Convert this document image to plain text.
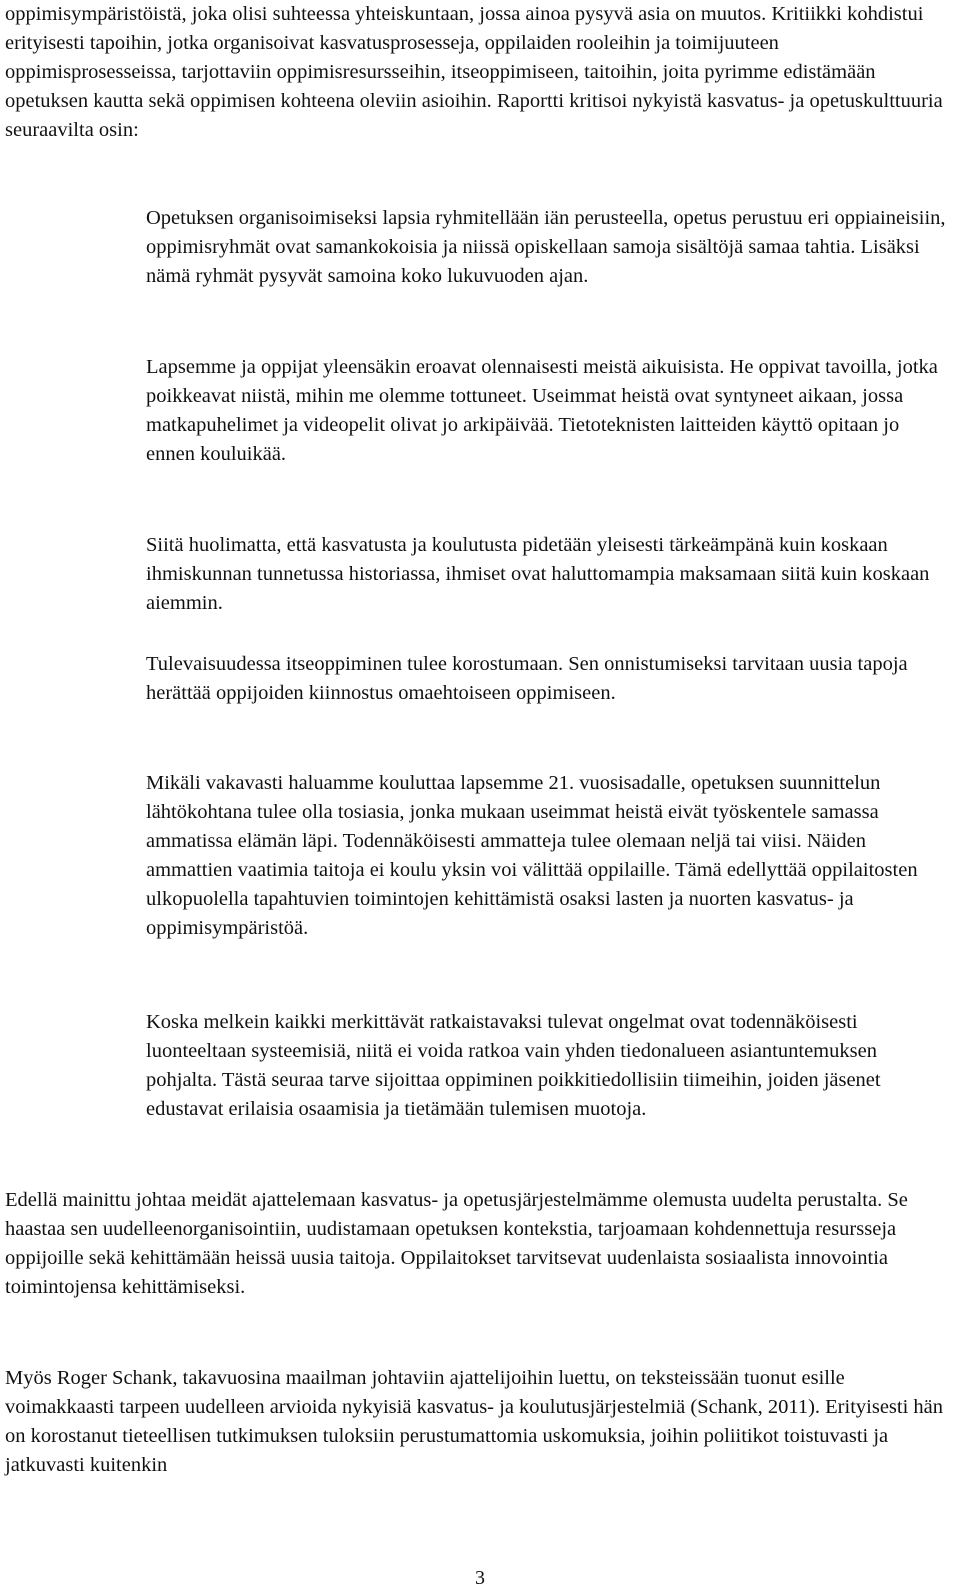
oppimisympäristöistä, joka olisi suhteessa yhteiskuntaan, jossa ainoa pysyvä asia on muutos. Kritiikki kohdistui erityisesti tapoihin, jotka organisoivat kasvatusprosesseja, oppilaiden rooleihin ja toimijuuteen oppimisprosesseissa, tarjottaviin oppimisresursseihin, itseoppimiseen, taitoihin, joita pyrimme edistämään opetuksen kautta sekä oppimisen kohteena oleviin asioihin. Raportti kritisoi nykyistä kasvatus- ja opetuskulttuuria seuraavilta osin:

Opetuksen organisoimiseksi lapsia ryhmitellään iän perusteella, opetus perustuu eri oppiaineisiin, oppimisryhmät ovat samankokoisia ja niissä opiskellaan samoja sisältöjä samaa tahtia. Lisäksi nämä ryhmät pysyvät samoina koko lukuvuoden ajan.

Lapsemme ja oppijat yleensäkin eroavat olennaisesti meistä aikuisista. He oppivat tavoilla, jotka poikkeavat niistä, mihin me olemme tottuneet. Useimmat heistä ovat syntyneet aikaan, jossa matkapuhelimet ja videopelit olivat jo arkipäivää. Tietoteknisten laitteiden käyttö opitaan jo ennen kouluikää.

Siitä huolimatta, että kasvatusta ja koulutusta pidetään yleisesti tärkeämpänä kuin koskaan ihmiskunnan tunnetussa historiassa, ihmiset ovat haluttomampia maksamaan siitä kuin koskaan aiemmin.

Tulevaisuudessa itseoppiminen tulee korostumaan. Sen onnistumiseksi tarvitaan uusia tapoja herättää oppijoiden kiinnostus omaehtoiseen oppimiseen.

Mikäli vakavasti haluamme kouluttaa lapsemme 21. vuosisadalle, opetuksen suunnittelun lähtökohtana tulee olla tosiasia, jonka mukaan useimmat heistä eivät työskentele samassa ammatissa elämän läpi. Todennäköisesti ammatteja tulee olemaan neljä tai viisi. Näiden ammattien vaatimia taitoja ei koulu yksin voi välittää oppilaille. Tämä edellyttää oppilaitosten ulkopuolella tapahtuvien toimintojen kehittämistä osaksi lasten ja nuorten kasvatus- ja oppimisympäristöä.

Koska melkein kaikki merkittävät ratkaistavaksi tulevat ongelmat ovat todennäköisesti luonteeltaan systeemisiä, niitä ei voida ratkoa vain yhden tiedonalueen asiantuntemuksen pohjalta. Tästä seuraa tarve sijoittaa oppiminen poikkitiedollisiin tiimeihin, joiden jäsenet edustavat erilaisia osaamisia ja tietämään tulemisen muotoja.

Edellä mainittu johtaa meidät ajattelemaan kasvatus- ja opetusjärjestelmämme olemusta uudelta perustalta. Se haastaa sen uudelleenorganisointiin, uudistamaan opetuksen kontekstia, tarjoamaan kohdennettuja resursseja oppijoille sekä kehittämään heissä uusia taitoja. Oppilaitokset tarvitsevat uudenlaista sosiaalista innovointia toimintojensa kehittämiseksi.

Myös Roger Schank, takavuosina maailman johtaviin ajattelijoihin luettu, on teksteissään tuonut esille voimakkaasti tarpeen uudelleen arvioida nykyisiä kasvatus- ja koulutusjärjestelmiä (Schank, 2011). Erityisesti hän on korostanut tieteellisen tutkimuksen tuloksiin perustumattomia uskomuksia, joihin poliitikot toistuvasti ja jatkuvasti kuitenkin

3
